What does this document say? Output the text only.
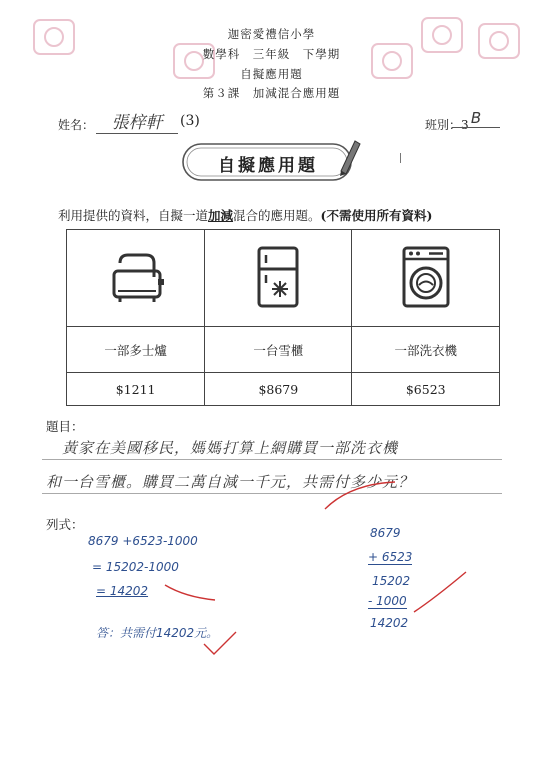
迦密愛禮信小學
數學科　三年級　下學期
自擬應用題
第３課　加減混合應用題
姓名：	張梓軒	(3)	班別：3 B
自擬應用題
利用提供的資料，自擬一道加減混合的應用題。(不需使用所有資料)

一部多士爐	一台雪櫃	一部洗衣機
$1211	$8679	$6523
題目：
黃家在美國移民，媽媽打算上網購買一部洗衣機
和一台雪櫃。購買二萬自減一千元，共需付多少元？
列式：
8679 +6523-1000
= 15202-1000
= 14202
答：共需付14202元。
8679
+ 6523
15202
- 1000
14202
